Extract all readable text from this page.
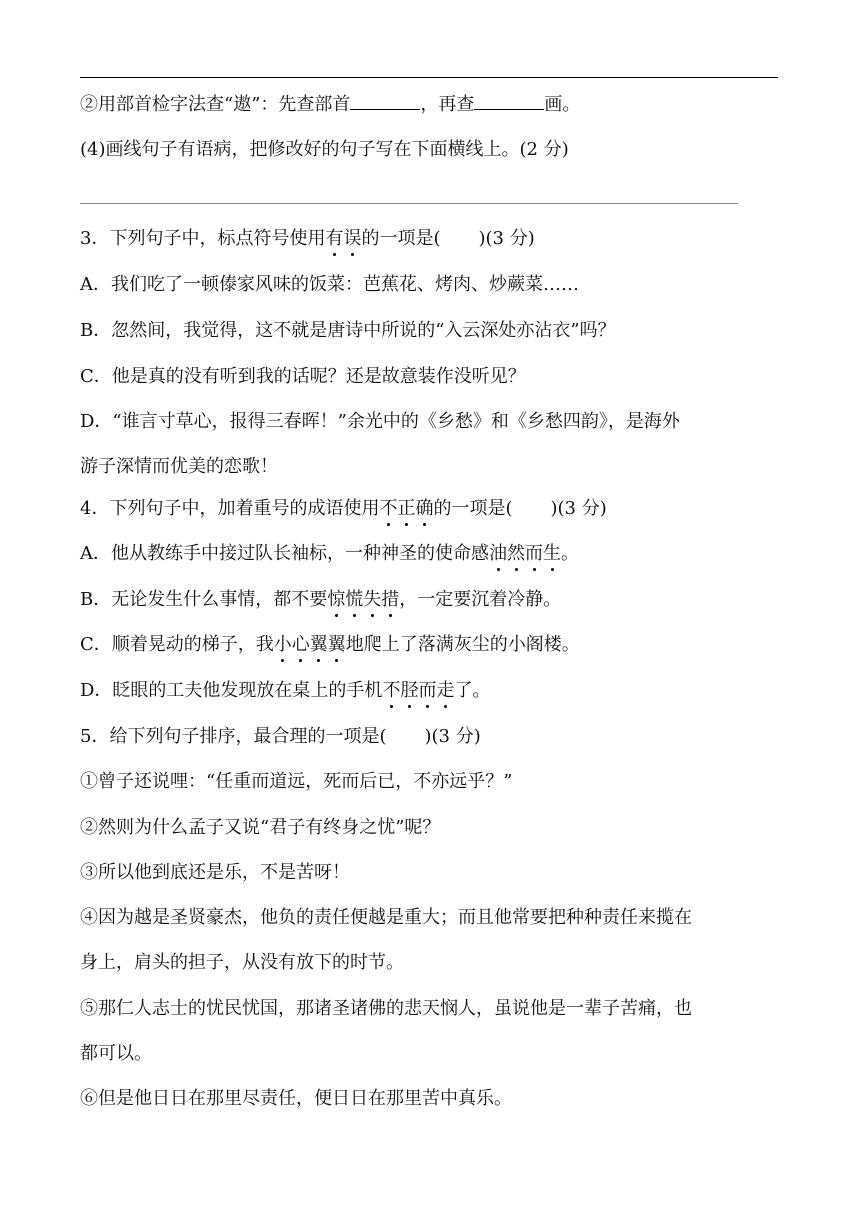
②用部首检字法查“遨”：先查部首	，再查	画。
(4)画线句子有语病，把修改好的句子写在下面横线上。(2 分)
3．下列句子中，标点符号使用有误的一项是( )(3 分)
A．我们吃了一顿傣家风味的饭菜：芭蕉花、烤肉、炒蕨菜……
B．忽然间，我觉得，这不就是唐诗中所说的“入云深处亦沾衣”吗？
C．他是真的没有听到我的话呢？还是故意装作没听见？
D．“谁言寸草心，报得三春晖！”余光中的《乡愁》和《乡愁四韵》，是海外
游子深情而优美的恋歌！
4．下列句子中，加着重号的成语使用不正确的一项是( )(3 分)
A．他从教练手中接过队长袖标，一种神圣的使命感油然而生。
B．无论发生什么事情，都不要惊慌失措，一定要沉着冷静。
C．顺着晃动的梯子，我小心翼翼地爬上了落满灰尘的小阁楼。
D．眨眼的工夫他发现放在桌上的手机不胫而走了。
5．给下列句子排序，最合理的一项是( )(3 分)
①曾子还说哩：“任重而道远，死而后已，不亦远乎？”
②然则为什么孟子又说“君子有终身之忧”呢？
③所以他到底还是乐，不是苦呀！
④因为越是圣贤豪杰，他负的责任便越是重大；而且他常要把种种责任来揽在
身上，肩头的担子，从没有放下的时节。
⑤那仁人志士的忧民忧国，那诸圣诸佛的悲天悯人，虽说他是一辈子苦痛，也
都可以。
⑥但是他日日在那里尽责任，便日日在那里苦中真乐。
